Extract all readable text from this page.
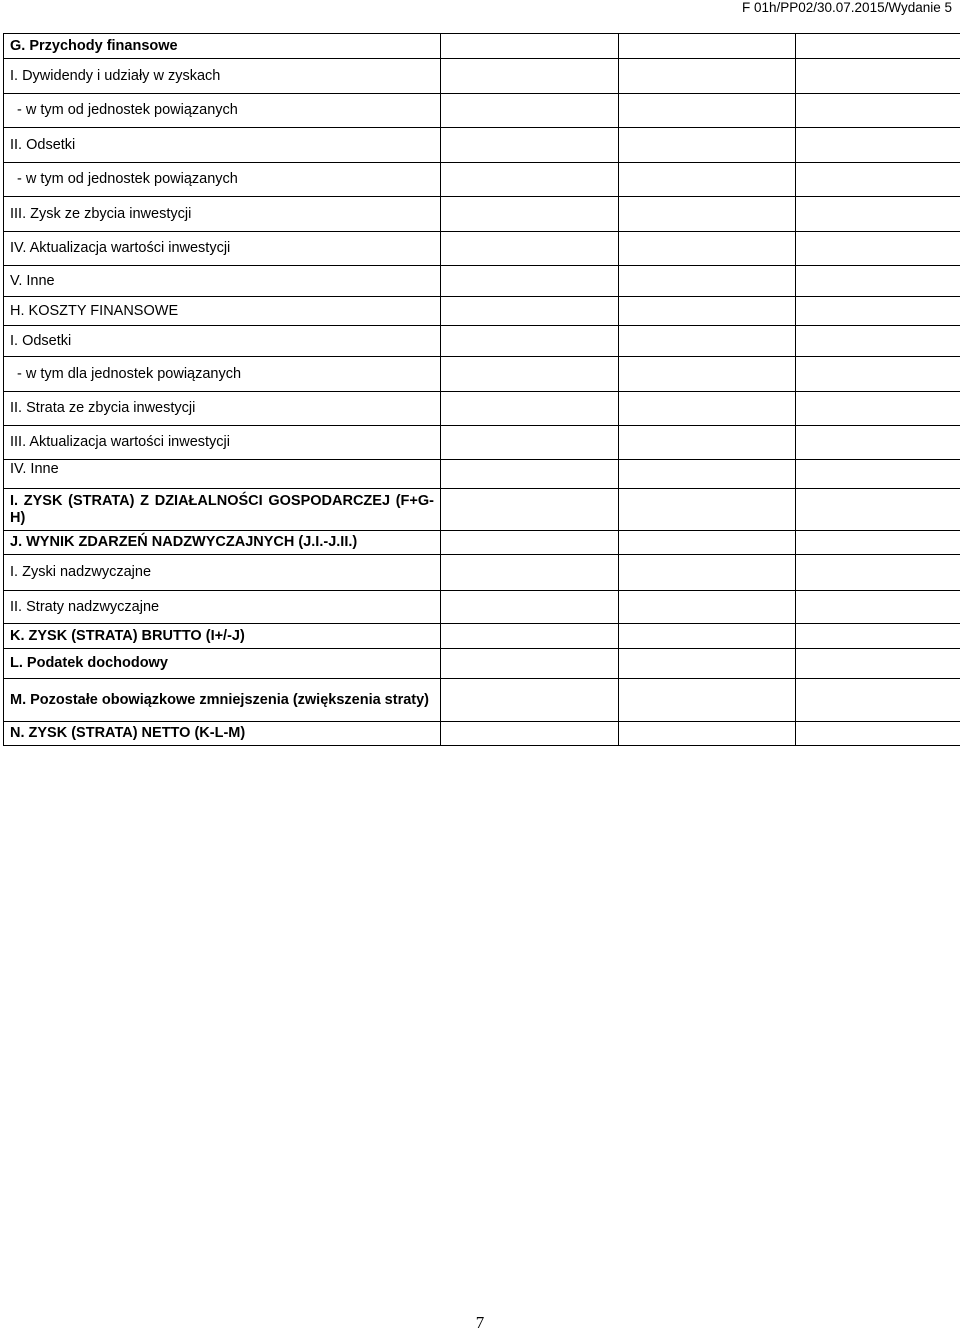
F 01h/PP02/30.07.2015/Wydanie 5
G. Przychody finansowe			
I. Dywidendy i udziały w zyskach			
- w tym od jednostek powiązanych			
II. Odsetki			
- w tym od jednostek powiązanych			
III. Zysk ze zbycia inwestycji			
IV. Aktualizacja wartości inwestycji			
V. Inne			
H. KOSZTY FINANSOWE			
I. Odsetki			
- w tym dla jednostek powiązanych			
II. Strata ze zbycia inwestycji			
III. Aktualizacja wartości inwestycji			
IV. Inne			
I. ZYSK (STRATA) Z DZIAŁALNOŚCI GOSPODARCZEJ (F+G-H)			
J. WYNIK ZDARZEŃ NADZWYCZAJNYCH (J.I.-J.II.)			
I. Zyski nadzwyczajne			
II. Straty nadzwyczajne			
K. ZYSK (STRATA) BRUTTO (I+/-J)			
L. Podatek dochodowy			
M. Pozostałe obowiązkowe zmniejszenia (zwiększenia straty)			
N. ZYSK (STRATA) NETTO (K-L-M)			
7
